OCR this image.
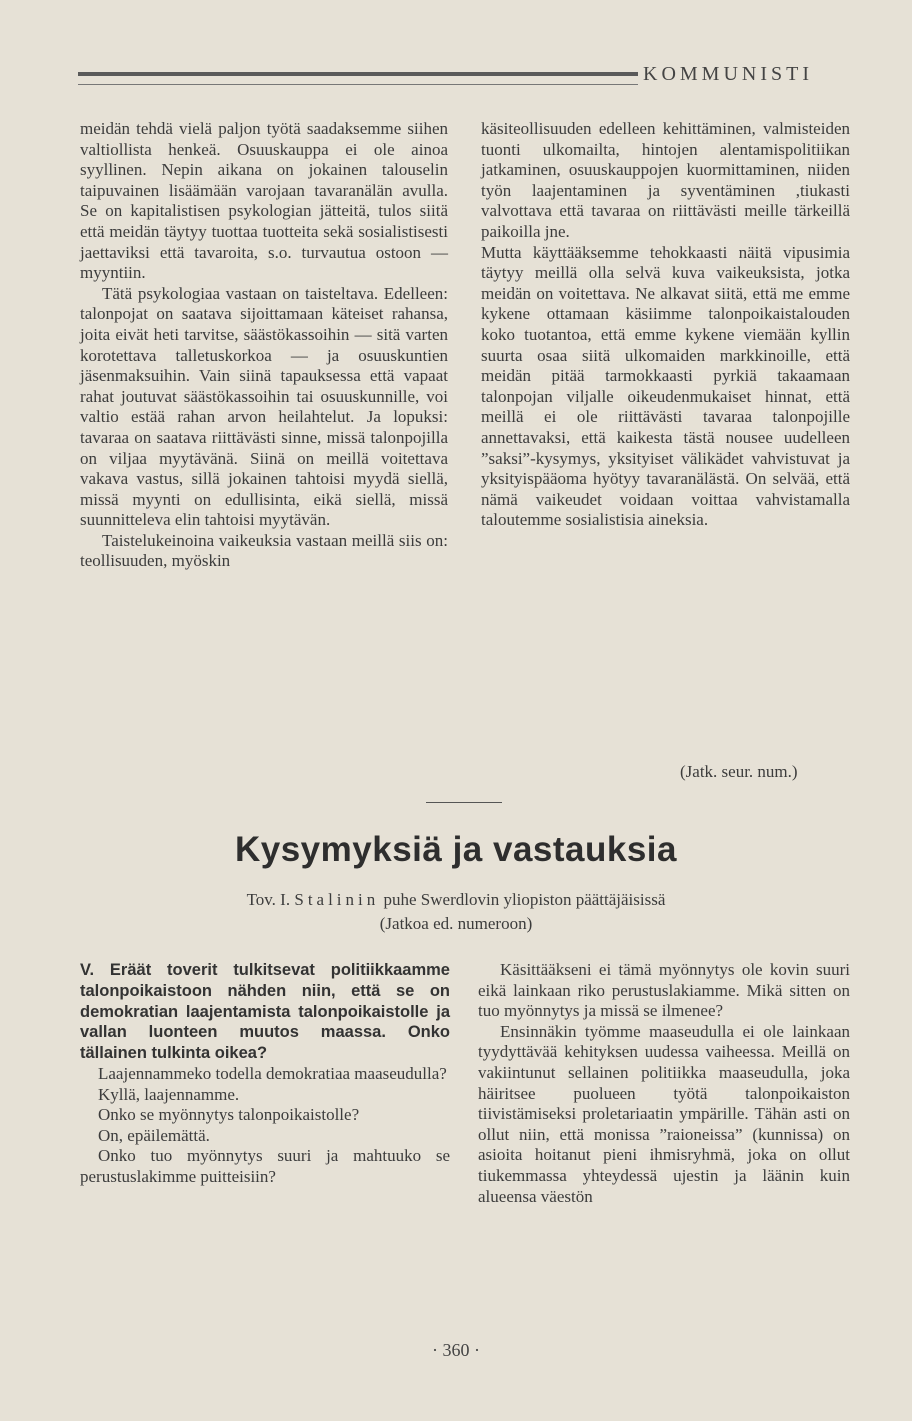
KOMMUNISTI

meidän tehdä vielä paljon työtä saadaksemme siihen valtiollista henkeä. Osuuskauppa ei ole ainoa syyllinen. Nepin aikana on jokainen talouselin taipuvainen lisäämään varojaan tavaranälän avulla. Se on kapitalistisen psykologian jätteitä, tulos siitä että meidän täytyy tuottaa tuotteita sekä sosialistisesti jaettaviksi että tavaroita, s.o. turvautua ostoon — myyntiin.

Tätä psykologiaa vastaan on taisteltava. Edelleen: talonpojat on saatava sijoittamaan käteiset rahansa, joita eivät heti tarvitse, säästökassoihin — sitä varten korotettava talletuskorkoa — ja osuuskuntien jäsenmaksuihin. Vain siinä tapauksessa että vapaat rahat joutuvat säästökassoihin tai osuuskunnille, voi valtio estää rahan arvon heilahtelut. Ja lopuksi: tavaraa on saatava riittävästi sinne, missä talonpojilla on viljaa myytävänä. Siinä on meillä voitettava vakava vastus, sillä jokainen tahtoisi myydä siellä, missä myynti on edullisinta, eikä siellä, missä suunnitteleva elin tahtoisi myytävän.

Taistelukeinoina vaikeuksia vastaan meillä siis on: teollisuuden, myöskin

käsiteollisuuden edelleen kehittäminen, valmisteiden tuonti ulkomailta, hintojen alentamispolitiikan jatkaminen, osuuskauppojen kuormittaminen, niiden työn laajentaminen ja syventäminen ,tiukasti valvottava että tavaraa on riittävästi meille tärkeillä paikoilla jne.

Mutta käyttääksemme tehokkaasti näitä vipusimia täytyy meillä olla selvä kuva vaikeuksista, jotka meidän on voitettava. Ne alkavat siitä, että me emme kykene ottamaan käsiimme talonpoikaistalouden koko tuotantoa, että emme kykene viemään kyllin suurta osaa siitä ulkomaiden markkinoille, että meidän pitää tarmokkaasti pyrkiä takaamaan talonpojan viljalle oikeudenmukaiset hinnat, että meillä ei ole riittävästi tavaraa talonpojille annettavaksi, että kaikesta tästä nousee uudelleen ”saksi”-kysymys, yksityiset välikädet vahvistuvat ja yksityispääoma hyötyy tavaranälästä. On selvää, että nämä vaikeudet voidaan voittaa vahvistamalla taloutemme sosialistisia aineksia.

(Jatk. seur. num.)
Kysymyksiä ja vastauksia
Tov. I. Stalinin puhe Swerdlovin yliopiston päättäjäisissä
(Jatkoa ed. numeroon)

V. Eräät toverit tulkitsevat politiikkaamme talonpoikaistoon nähden niin, että se on demokratian laajentamista talonpoikaistolle ja vallan luonteen muutos maassa. Onko tällainen tulkinta oikea?

Laajennammeko todella demokratiaa maaseudulla?

Kyllä, laajennamme.

Onko se myönnytys talonpoikaistolle?

On, epäilemättä.

Onko tuo myönnytys suuri ja mahtuuko se perustuslakimme puitteisiin?

Käsittääkseni ei tämä myönnytys ole kovin suuri eikä lainkaan riko perustuslakiamme. Mikä sitten on tuo myönnytys ja missä se ilmenee?

Ensinnäkin työmme maaseudulla ei ole lainkaan tyydyttävää kehityksen uudessa vaiheessa. Meillä on vakiintunut sellainen politiikka maaseudulla, joka häiritsee puolueen työtä talonpoikaiston tiivistämiseksi proletariaatin ympärille. Tähän asti on ollut niin, että monissa ”raioneissa” (kunnissa) on asioita hoitanut pieni ihmisryhmä, joka on ollut tiukemmassa yhteydessä ujestin ja läänin kuin alueensa väestön

· 360 ·
